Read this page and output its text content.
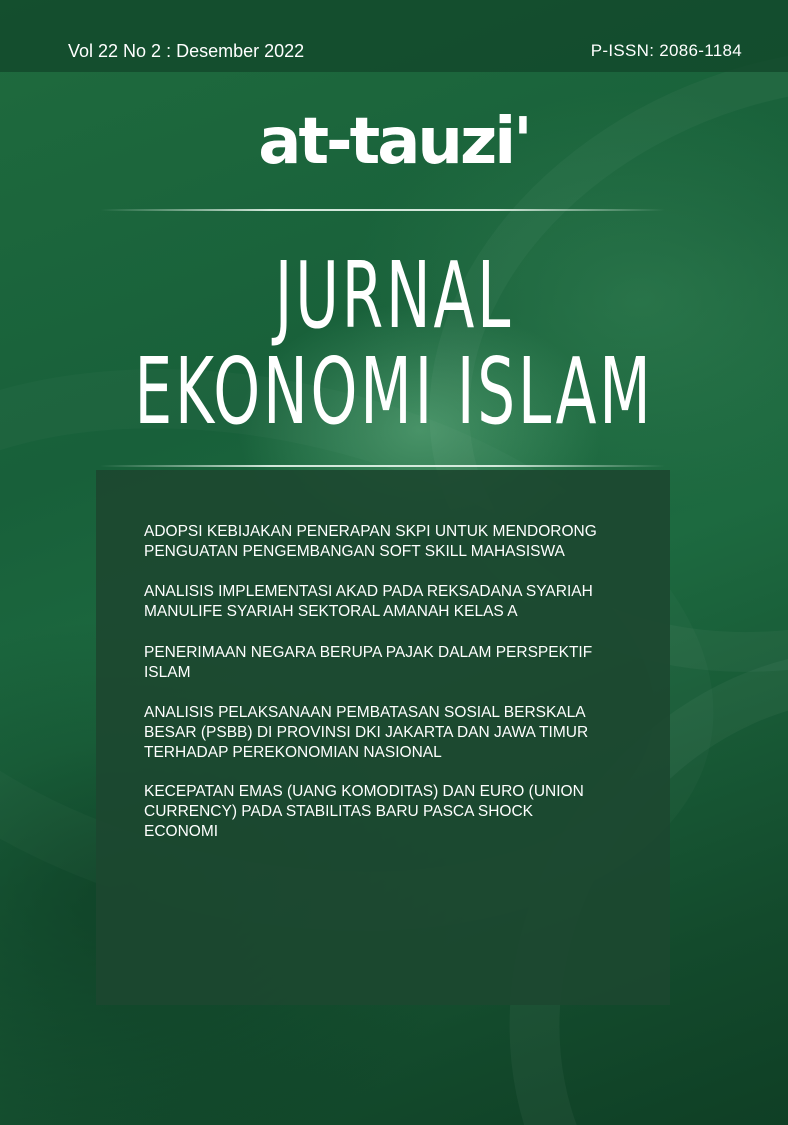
Vol 22 No 2 : Desember 2022	P-ISSN: 2086-1184
at-tauzi'
JURNAL
EKONOMI ISLAM
ADOPSI KEBIJAKAN PENERAPAN SKPI UNTUK MENDORONG
PENGUATAN PENGEMBANGAN SOFT SKILL MAHASISWA
ANALISIS IMPLEMENTASI AKAD PADA REKSADANA SYARIAH
MANULIFE SYARIAH SEKTORAL AMANAH KELAS A
PENERIMAAN NEGARA BERUPA PAJAK DALAM PERSPEKTIF
ISLAM
ANALISIS PELAKSANAAN PEMBATASAN SOSIAL BERSKALA
BESAR (PSBB) DI PROVINSI DKI JAKARTA DAN JAWA TIMUR
TERHADAP PEREKONOMIAN NASIONAL
KECEPATAN EMAS (UANG KOMODITAS) DAN EURO (UNION
CURRENCY) PADA STABILITAS BARU PASCA SHOCK
ECONOMI
